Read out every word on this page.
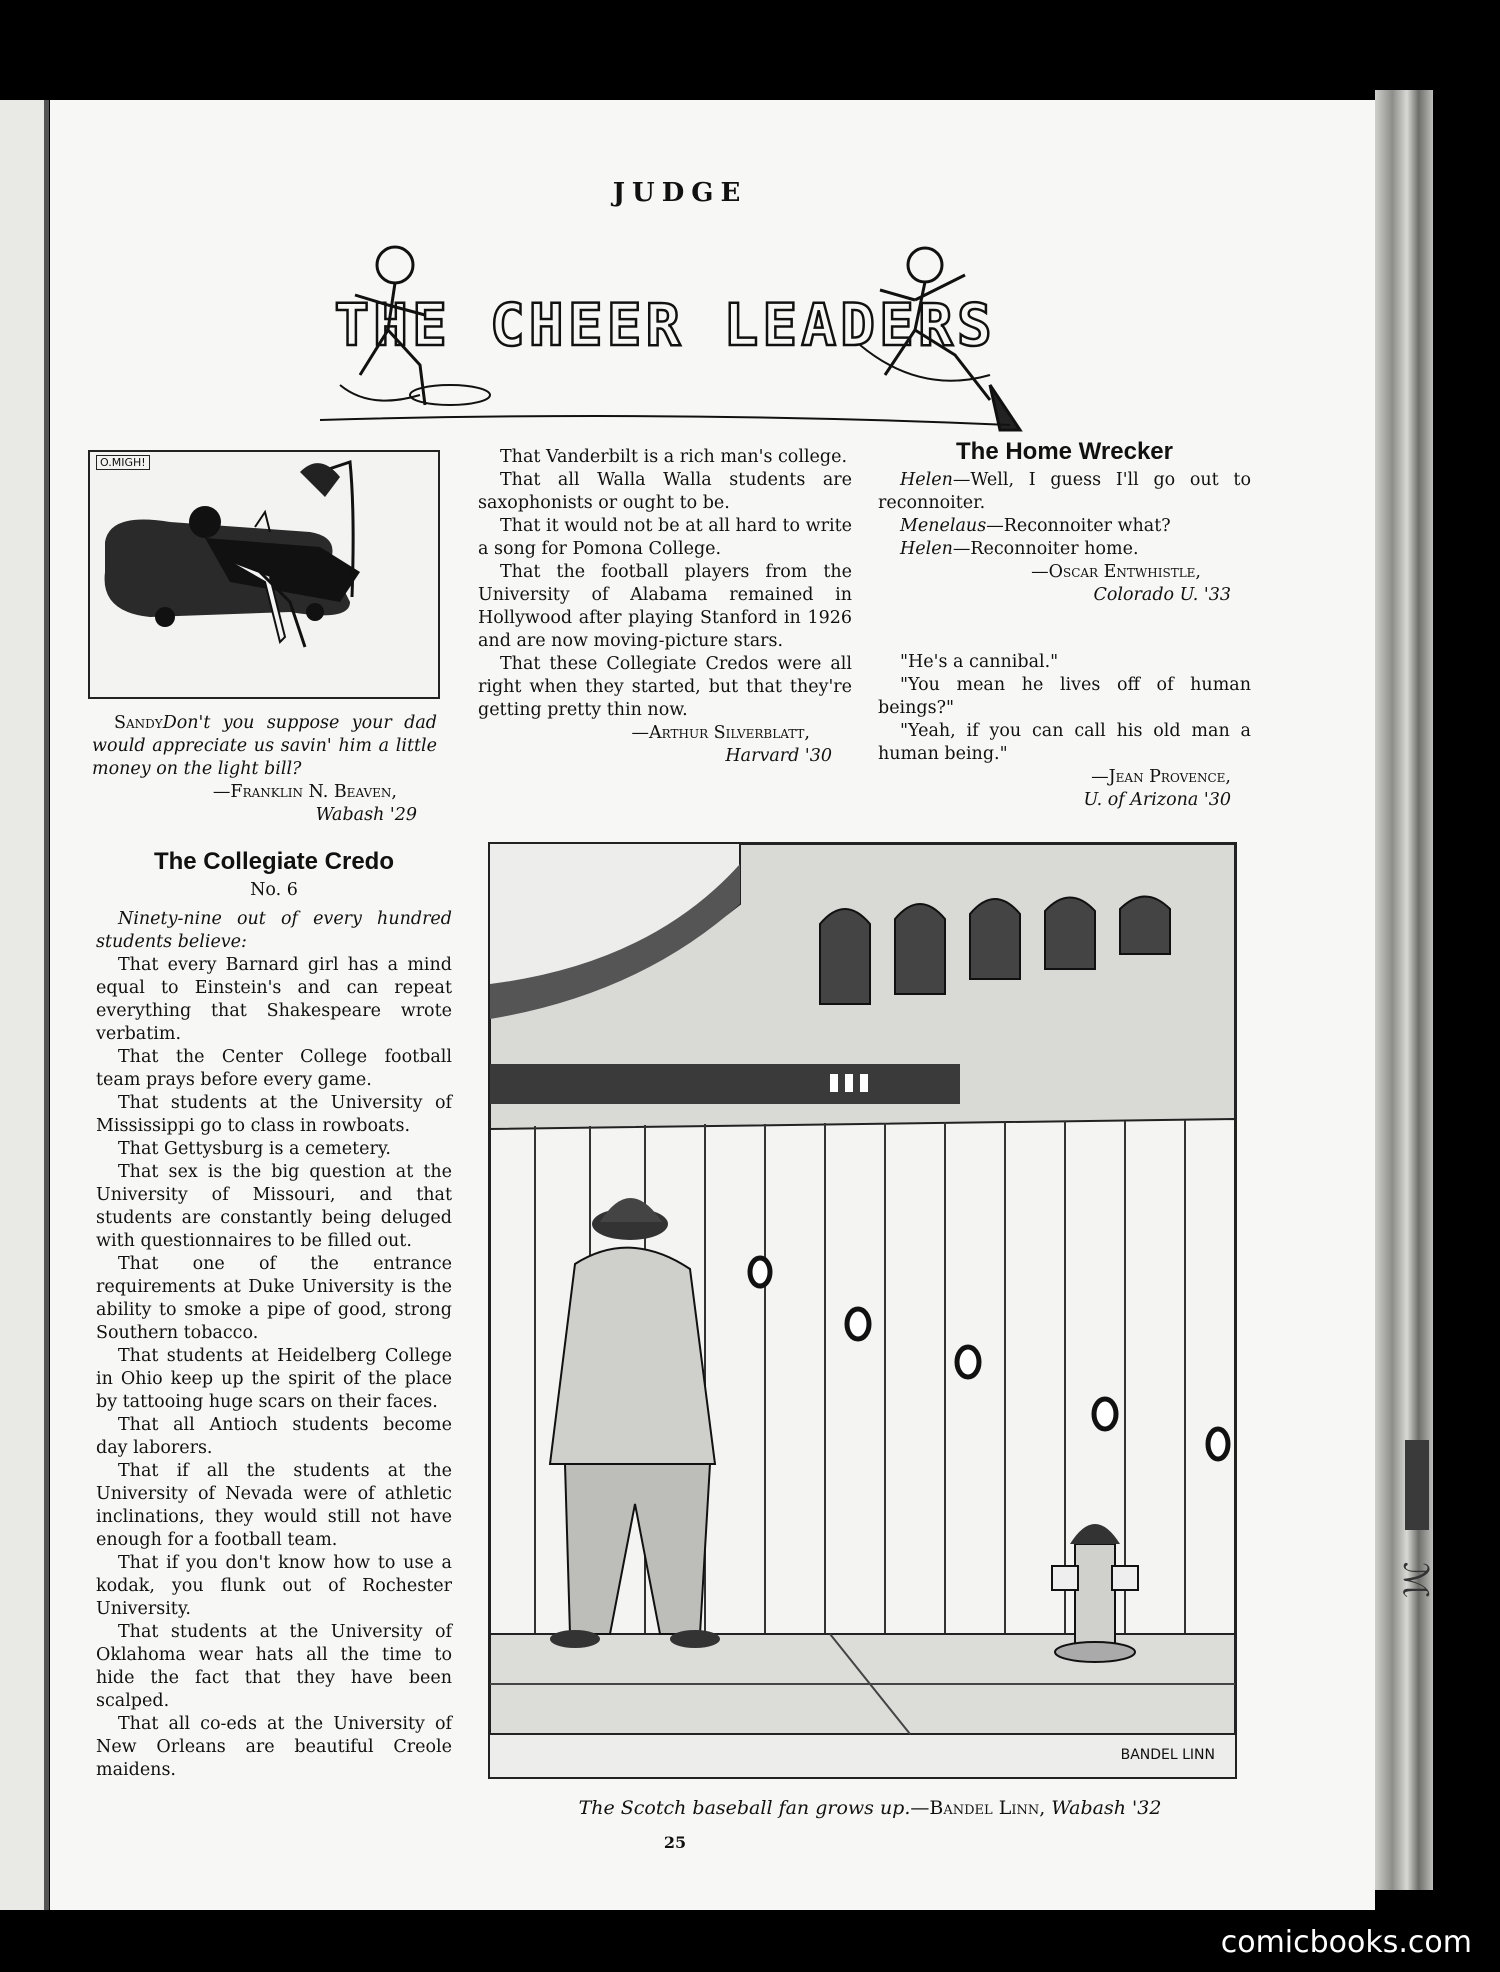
ℳ
JUDGE
THE CHEER LEADERS
O.MIGH!

SandyDon't you suppose your dad would appreciate us savin' him a little money on the light bill?

—Franklin N. Beaven,
Wabash '29
The Collegiate Credo
No. 6

Ninety-nine out of every hundred students believe:

That every Barnard girl has a mind equal to Einstein's and can repeat everything that Shakespeare wrote verbatim.

That the Center College football team prays before every game.

That students at the University of Mississippi go to class in rowboats.

That Gettysburg is a cemetery.

That sex is the big question at the University of Missouri, and that students are constantly being deluged with questionnaires to be filled out.

That one of the entrance requirements at Duke University is the ability to smoke a pipe of good, strong Southern tobacco.

That students at Heidelberg College in Ohio keep up the spirit of the place by tattooing huge scars on their faces.

That all Antioch students become day laborers.

That if all the students at the University of Nevada were of athletic inclinations, they would still not have enough for a football team.

That if you don't know how to use a kodak, you flunk out of Rochester University.

That students at the University of Oklahoma wear hats all the time to hide the fact that they have been scalped.

That all co-eds at the University of New Orleans are beautiful Creole maidens.

That Vanderbilt is a rich man's college.

That all Walla Walla students are saxophonists or ought to be.

That it would not be at all hard to write a song for Pomona College.

That the football players from the University of Alabama remained in Hollywood after playing Stanford in 1926 and are now moving-picture stars.

That these Collegiate Credos were all right when they started, but that they're getting pretty thin now.

—Arthur Silverblatt,
Harvard '30
The Home Wrecker

Helen—Well, I guess I'll go out to reconnoiter.

Menelaus—Reconnoiter what?

Helen—Reconnoiter home.

—Oscar Entwhistle,
Colorado U. '33

"He's a cannibal."

"You mean he lives off of human beings?"

"Yeah, if you can call his old man a human being."

—Jean Provence,
U. of Arizona '30
BANDEL LINN
The Scotch baseball fan grows up.—Bandel Linn, Wabash '32
25
comicbooks.com
